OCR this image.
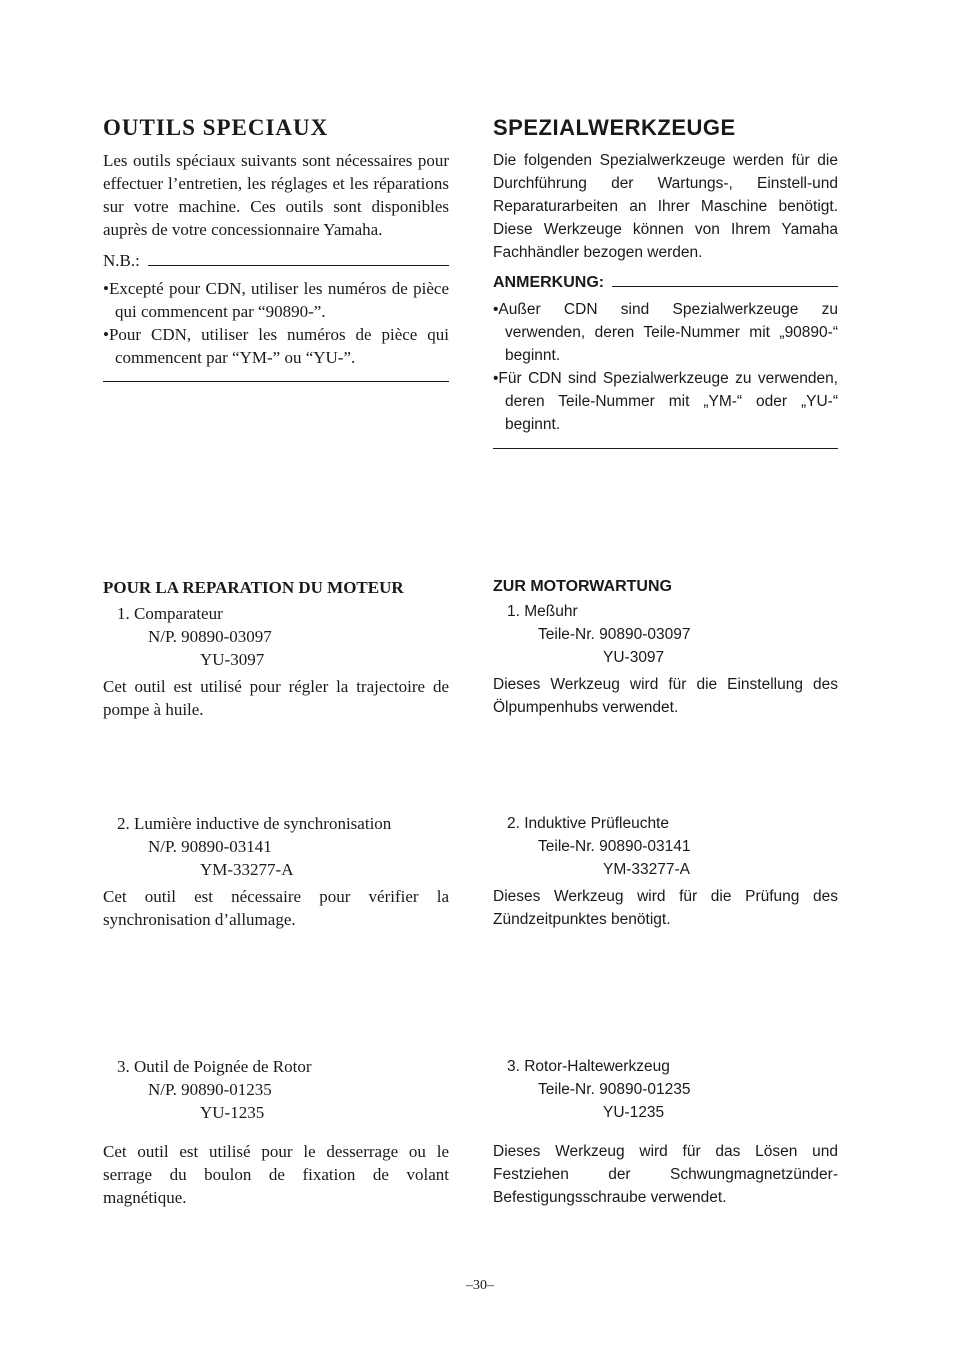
OUTILS SPECIAUX

Les outils spéciaux suivants sont nécessaires pour effectuer l’entretien, les réglages et les réparations sur votre machine. Ces outils sont disponibles auprès de votre concessionnaire Yamaha.

N.B.:
•Excepté pour CDN, utiliser les numéros de pièce qui commencent par “90890-”.
•Pour CDN, utiliser les numéros de pièce qui commencent par “YM-” ou “YU-”.
POUR LA REPARATION DU MOTEUR
1. Comparateur
N/P. 90890-03097
YU-3097

Cet outil est utilisé pour régler la trajectoire de pompe à huile.

2. Lumière inductive de synchronisation
N/P. 90890-03141
YM-33277-A

Cet outil est nécessaire pour vérifier la synchronisation d’allumage.

3. Outil de Poignée de Rotor
N/P. 90890-01235
YU-1235

Cet outil est utilisé pour le desserrage ou le serrage du boulon de fixation de volant magnétique.

SPEZIALWERKZEUGE

Die folgenden Spezialwerkzeuge werden für die Durchführung der Wartungs-, Einstell-und Reparaturarbeiten an Ihrer Maschine benötigt. Diese Werkzeuge können von Ihrem Yamaha Fachhändler bezogen werden.

ANMERKUNG:
•Außer CDN sind Spezialwerkzeuge zu verwenden, deren Teile-Nummer mit „90890-“ beginnt.
•Für CDN sind Spezialwerkzeuge zu verwenden, deren Teile-Nummer mit „YM-“ oder „YU-“ beginnt.
ZUR MOTORWARTUNG
1. Meßuhr
Teile-Nr. 90890-03097
YU-3097

Dieses Werkzeug wird für die Einstellung des Ölpumpenhubs verwendet.

2. Induktive Prüfleuchte
Teile-Nr. 90890-03141
YM-33277-A

Dieses Werkzeug wird für die Prüfung des Zündzeitpunktes benötigt.

3. Rotor-Haltewerkzeug
Teile-Nr. 90890-01235
YU-1235

Dieses Werkzeug wird für das Lösen und Festziehen der Schwungmagnetzünder-Befestigungsschraube verwendet.

–30–
